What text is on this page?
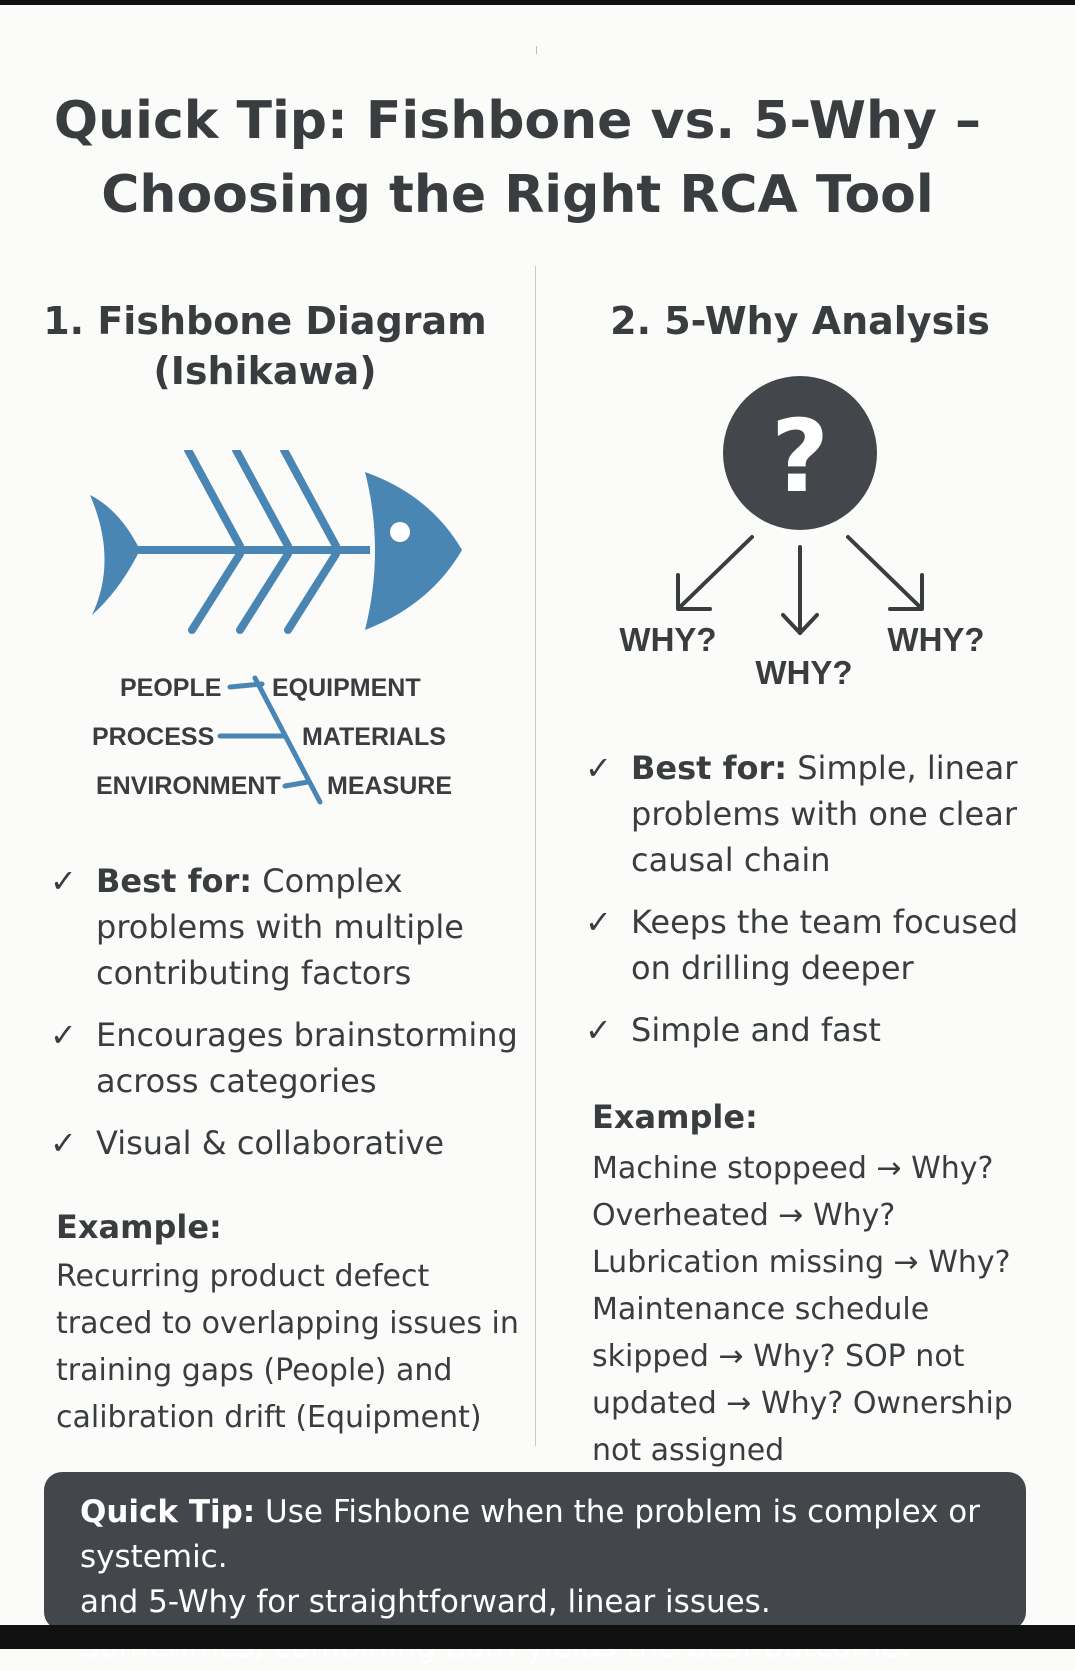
Quick Tip: Fishbone vs. 5-Why –
Choosing the Right RCA Tool
1. Fishbone Diagram
(Ishikawa)
PEOPLE
PROCESS
ENVIRONMENT
EQUIPMENT
MATERIALS
MEASURE
✓ Best for: Complex problems with multiple contributing factors
✓ Encourages brainstorming across categories
✓ Visual & collaborative
Example:
Recurring product defect traced to overlapping issues in training gaps (People) and calibration drift (Equipment)
2. 5-Why Analysis
?
WHY?
WHY?
WHY?
✓ Best for: Simple, linear problems with one clear causal chain
✓ Keeps the team focused on drilling deeper
✓ Simple and fast
Example:
Machine stoppeed → Why? Overheated → Why? Lubrication missing → Why? Maintenance schedule skipped → Why? SOP not updated → Why? Ownership not assigned
Quick Tip: Use Fishbone when the problem is complex or systemic.
and 5-Why for straightforward, linear issues.
